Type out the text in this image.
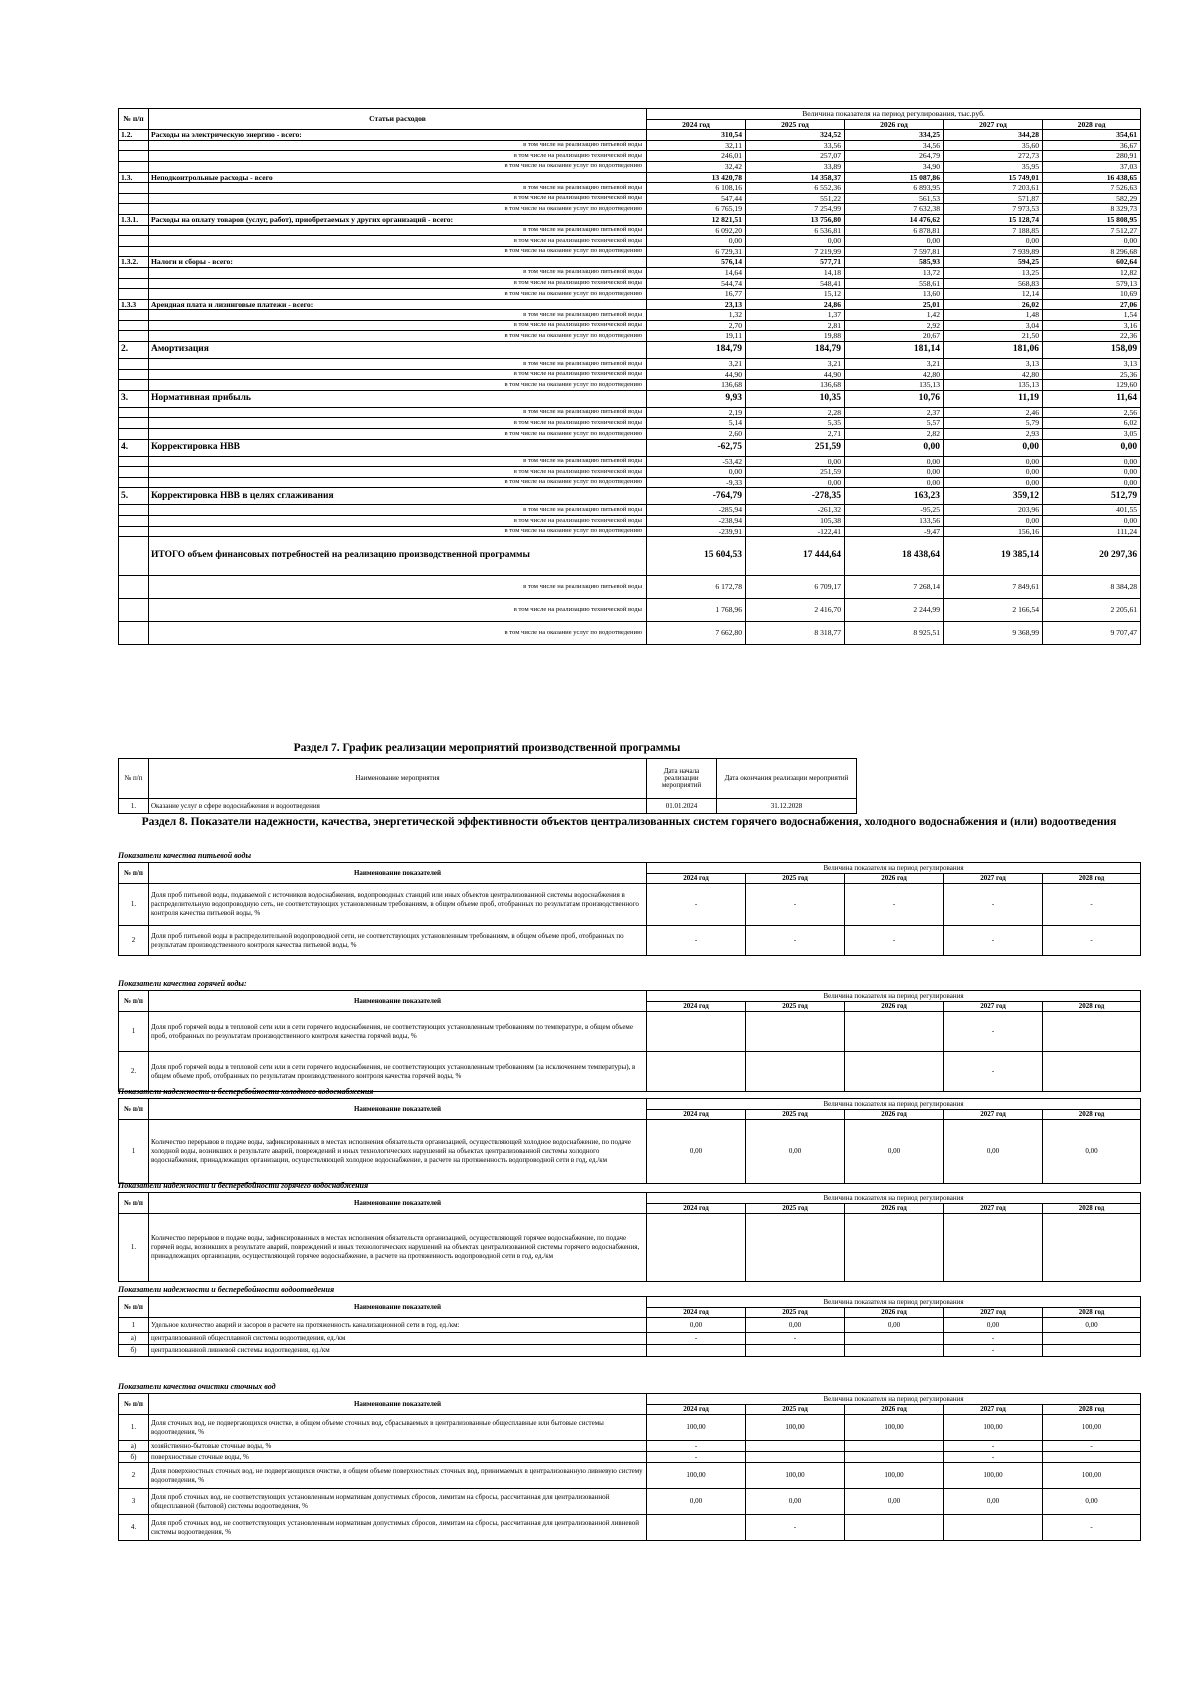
№ п/п	Статьи расходов	Величина показателя на период регулирования, тыс.руб.				
		2024 год	2025 год	2026 год	2027 год	2028 год
1.2.	Расходы на электрическую энергию - всего:	310,54	324,52	334,25	344,28	354,61
	в том числе на реализацию питьевой воды	32,11	33,56	34,56	35,60	36,67
	в том числе на реализацию технической воды	246,01	257,07	264,79	272,73	280,91
	в том числе на оказание услуг по водоотведению	32,42	33,89	34,90	35,95	37,03
1.3.	Неподконтрольные расходы - всего	13 420,78	14 358,37	15 087,86	15 749,01	16 438,65
	в том числе на реализацию питьевой воды	6 108,16	6 552,36	6 893,95	7 203,61	7 526,63
	в том числе на реализацию технической воды	547,44	551,22	561,53	571,87	582,29
	в том числе на оказание услуг по водоотведению	6 765,19	7 254,99	7 632,38	7 973,53	8 329,73
1.3.1.	Расходы на оплату товаров (услуг, работ), приобретаемых у других организаций - всего:	12 821,51	13 756,80	14 476,62	15 128,74	15 808,95
	в том числе на реализацию питьевой воды	6 092,20	6 536,81	6 878,81	7 188,85	7 512,27
	в том числе на реализацию технической воды	0,00	0,00	0,00	0,00	0,00
	в том числе на оказание услуг по водоотведению	6 729,31	7 219,99	7 597,81	7 939,89	8 296,68
1.3.2.	Налоги и сборы - всего:	576,14	577,71	585,93	594,25	602,64
	в том числе на реализацию питьевой воды	14,64	14,18	13,72	13,25	12,82
	в том числе на реализацию технической воды	544,74	548,41	558,61	568,83	579,13
	в том числе на оказание услуг по водоотведению	16,77	15,12	13,60	12,14	10,69
1.3.3	Арендная плата и лизинговые платежи - всего:	23,13	24,86	25,01	26,02	27,06
	в том числе на реализацию питьевой воды	1,32	1,37	1,42	1,48	1,54
	в том числе на реализацию технической воды	2,70	2,81	2,92	3,04	3,16
	в том числе на оказание услуг по водоотведению	19,11	19,88	20,67	21,50	22,36
2.	Амортизация	184,79	184,79	181,14	181,06	158,09
	в том числе на реализацию питьевой воды	3,21	3,21	3,21	3,13	3,13
	в том числе на реализацию технической воды	44,90	44,90	42,80	42,80	25,36
	в том числе на оказание услуг по водоотведению	136,68	136,68	135,13	135,13	129,60
3.	Нормативная прибыль	9,93	10,35	10,76	11,19	11,64
	в том числе на реализацию питьевой воды	2,19	2,28	2,37	2,46	2,56
	в том числе на реализацию технической воды	5,14	5,35	5,57	5,79	6,02
	в том числе на оказание услуг по водоотведению	2,60	2,71	2,82	2,93	3,05
4.	Корректировка НВВ	-62,75	251,59	0,00	0,00	0,00
	в том числе на реализацию питьевой воды	-53,42	0,00	0,00	0,00	0,00
	в том числе на реализацию технической воды	0,00	251,59	0,00	0,00	0,00
	в том числе на оказание услуг по водоотведению	-9,33	0,00	0,00	0,00	0,00
5.	Корректировка НВВ в целях сглаживания	-764,79	-278,35	163,23	359,12	512,79
	в том числе на реализацию питьевой воды	-285,94	-261,32	-95,25	203,96	401,55
	в том числе на реализацию технической воды	-238,94	105,38	133,56	0,00	0,00
	в том числе на оказание услуг по водоотведению	-239,91	-122,41	-9,47	156,16	111,24
	ИТОГО объем финансовых потребностей на реализацию производственной программы	15 604,53	17 444,64	18 438,64	19 385,14	20 297,36
	в том числе на реализацию питьевой воды	6 172,78	6 709,17	7 268,14	7 849,61	8 384,28
	в том числе на реализацию технической воды	1 768,96	2 416,70	2 244,99	2 166,54	2 205,61
	в том числе на оказание услуг по водоотведению	7 662,80	8 318,77	8 925,51	9 368,99	9 707,47
Раздел 7. График реализации мероприятий производственной программы
№ п/п	Наименование мероприятия	Дата начала реализации мероприятий	Дата окончания реализации мероприятий
1.	Оказание услуг в сфере водоснабжения и водоотведения	01.01.2024	31.12.2028
Раздел 8. Показатели надежности, качества, энергетической эффективности объектов централизованных систем горячего водоснабжения, холодного водоснабжения и (или) водоотведения
Показатели качества питьевой воды
№ п/п	Наименование показателей	Величина показателя на период регулирования				
		2024 год	2025 год	2026 год	2027 год	2028 год
1.	Доля проб питьевой воды, подаваемой с источников водоснабжения, водопроводных станций или иных объектов централизованной системы водоснабжения в распределительную водопроводную сеть, не соответствующих установленным требованиям, в общем объеме проб, отобранных по результатам производственного контроля качества питьевой воды, %	-	-	-	-	-
2	Доля проб питьевой воды в распределительной водопроводной сети, не соответствующих установленным требованиям, в общем объеме проб, отобранных по результатам производственного контроля качества питьевой воды, %	-	-	-	-	-
Показатели качества горячей воды:
№ п/п	Наименование показателей	Величина показателя на период регулирования				
		2024 год	2025 год	2026 год	2027 год	2028 год
1	Доля проб горячей воды в тепловой сети или в сети горячего водоснабжения, не соответствующих установленным требованиям по температуре, в общем объеме проб, отобранных по результатам производственного контроля качества горячей воды, %				-	
2.	Доля проб горячей воды в тепловой сети или в сети горячего водоснабжения, не соответствующих установленным требованиям (за исключением температуры), в общем объеме проб, отобранных по результатам производственного контроля качества горячей воды, %				-	
Показатели надежности и бесперебойности холодного водоснабжения
№ п/п	Наименование показателей	Величина показателя на период регулирования				
		2024 год	2025 год	2026 год	2027 год	2028 год
1	Количество перерывов в подаче воды, зафиксированных в местах исполнения обязательств организацией, осуществляющей холодное водоснабжение, по подаче холодной воды, возникших в результате аварий, повреждений и иных технологических нарушений на объектах централизованной системы холодного водоснабжения, принадлежащих организации, осуществляющей холодное водоснабжение, в расчете на протяженность водопроводной сети в год, ед./км	0,00	0,00	0,00	0,00	0,00
Показатели надежности и бесперебойности горячего водоснабжения
№ п/п	Наименование показателей	Величина показателя на период регулирования				
		2024 год	2025 год	2026 год	2027 год	2028 год
1.	Количество перерывов в подаче воды, зафиксированных в местах исполнения обязательств организацией, осуществляющей горячее водоснабжение, по подаче горячей воды, возникших в результате аварий, повреждений и иных технологических нарушений на объектах централизованной системы горячего водоснабжения, принадлежащих организации, осуществляющей горячее водоснабжение, в расчете на протяженность водопроводной сети в год, ед./км					
Показатели надежности и бесперебойности водоотведения
№ п/п	Наименование показателей	Величина показателя на период регулирования				
		2024 год	2025 год	2026 год	2027 год	2028 год
1	Удельное количество аварий и засоров в расчете на протяженность канализационной сети в год, ед./км:	0,00	0,00	0,00	0,00	0,00
а)	централизованной общесплавной системы водоотведения, ед./км	-	-		-	
б)	централизованной ливневой системы водоотведения, ед./км				-	
Показатели качества очистки сточных вод
№ п/п	Наименование показателей	Величина показателя на период регулирования				
		2024 год	2025 год	2026 год	2027 год	2028 год
1.	Доля сточных вод, не подвергающихся очистке, в общем объеме сточных вод, сбрасываемых в централизованные общесплавные или бытовые системы водоотведения, %	100,00	100,00	100,00	100,00	100,00
а)	хозяйственно-бытовые сточные воды, %	-			-	-
б)	поверхностные сточные воды, %	-			-	
2	Доля поверхностных сточных вод, не подвергающихся очистке, в общем объеме поверхностных сточных вод, принимаемых в централизованную ливневую систему водоотведения, %	100,00	100,00	100,00	100,00	100,00
3	Доля проб сточных вод, не соответствующих установленным нормативам допустимых сбросов, лимитам на сбросы, рассчитанная для централизованной общесплавной (бытовой) системы водоотведения, %	0,00	0,00	0,00	0,00	0,00
4.	Доля проб сточных вод, не соответствующих установленным нормативам допустимых сбросов, лимитам на сбросы, рассчитанная для централизованной ливневой системы водоотведения, %		-			-
